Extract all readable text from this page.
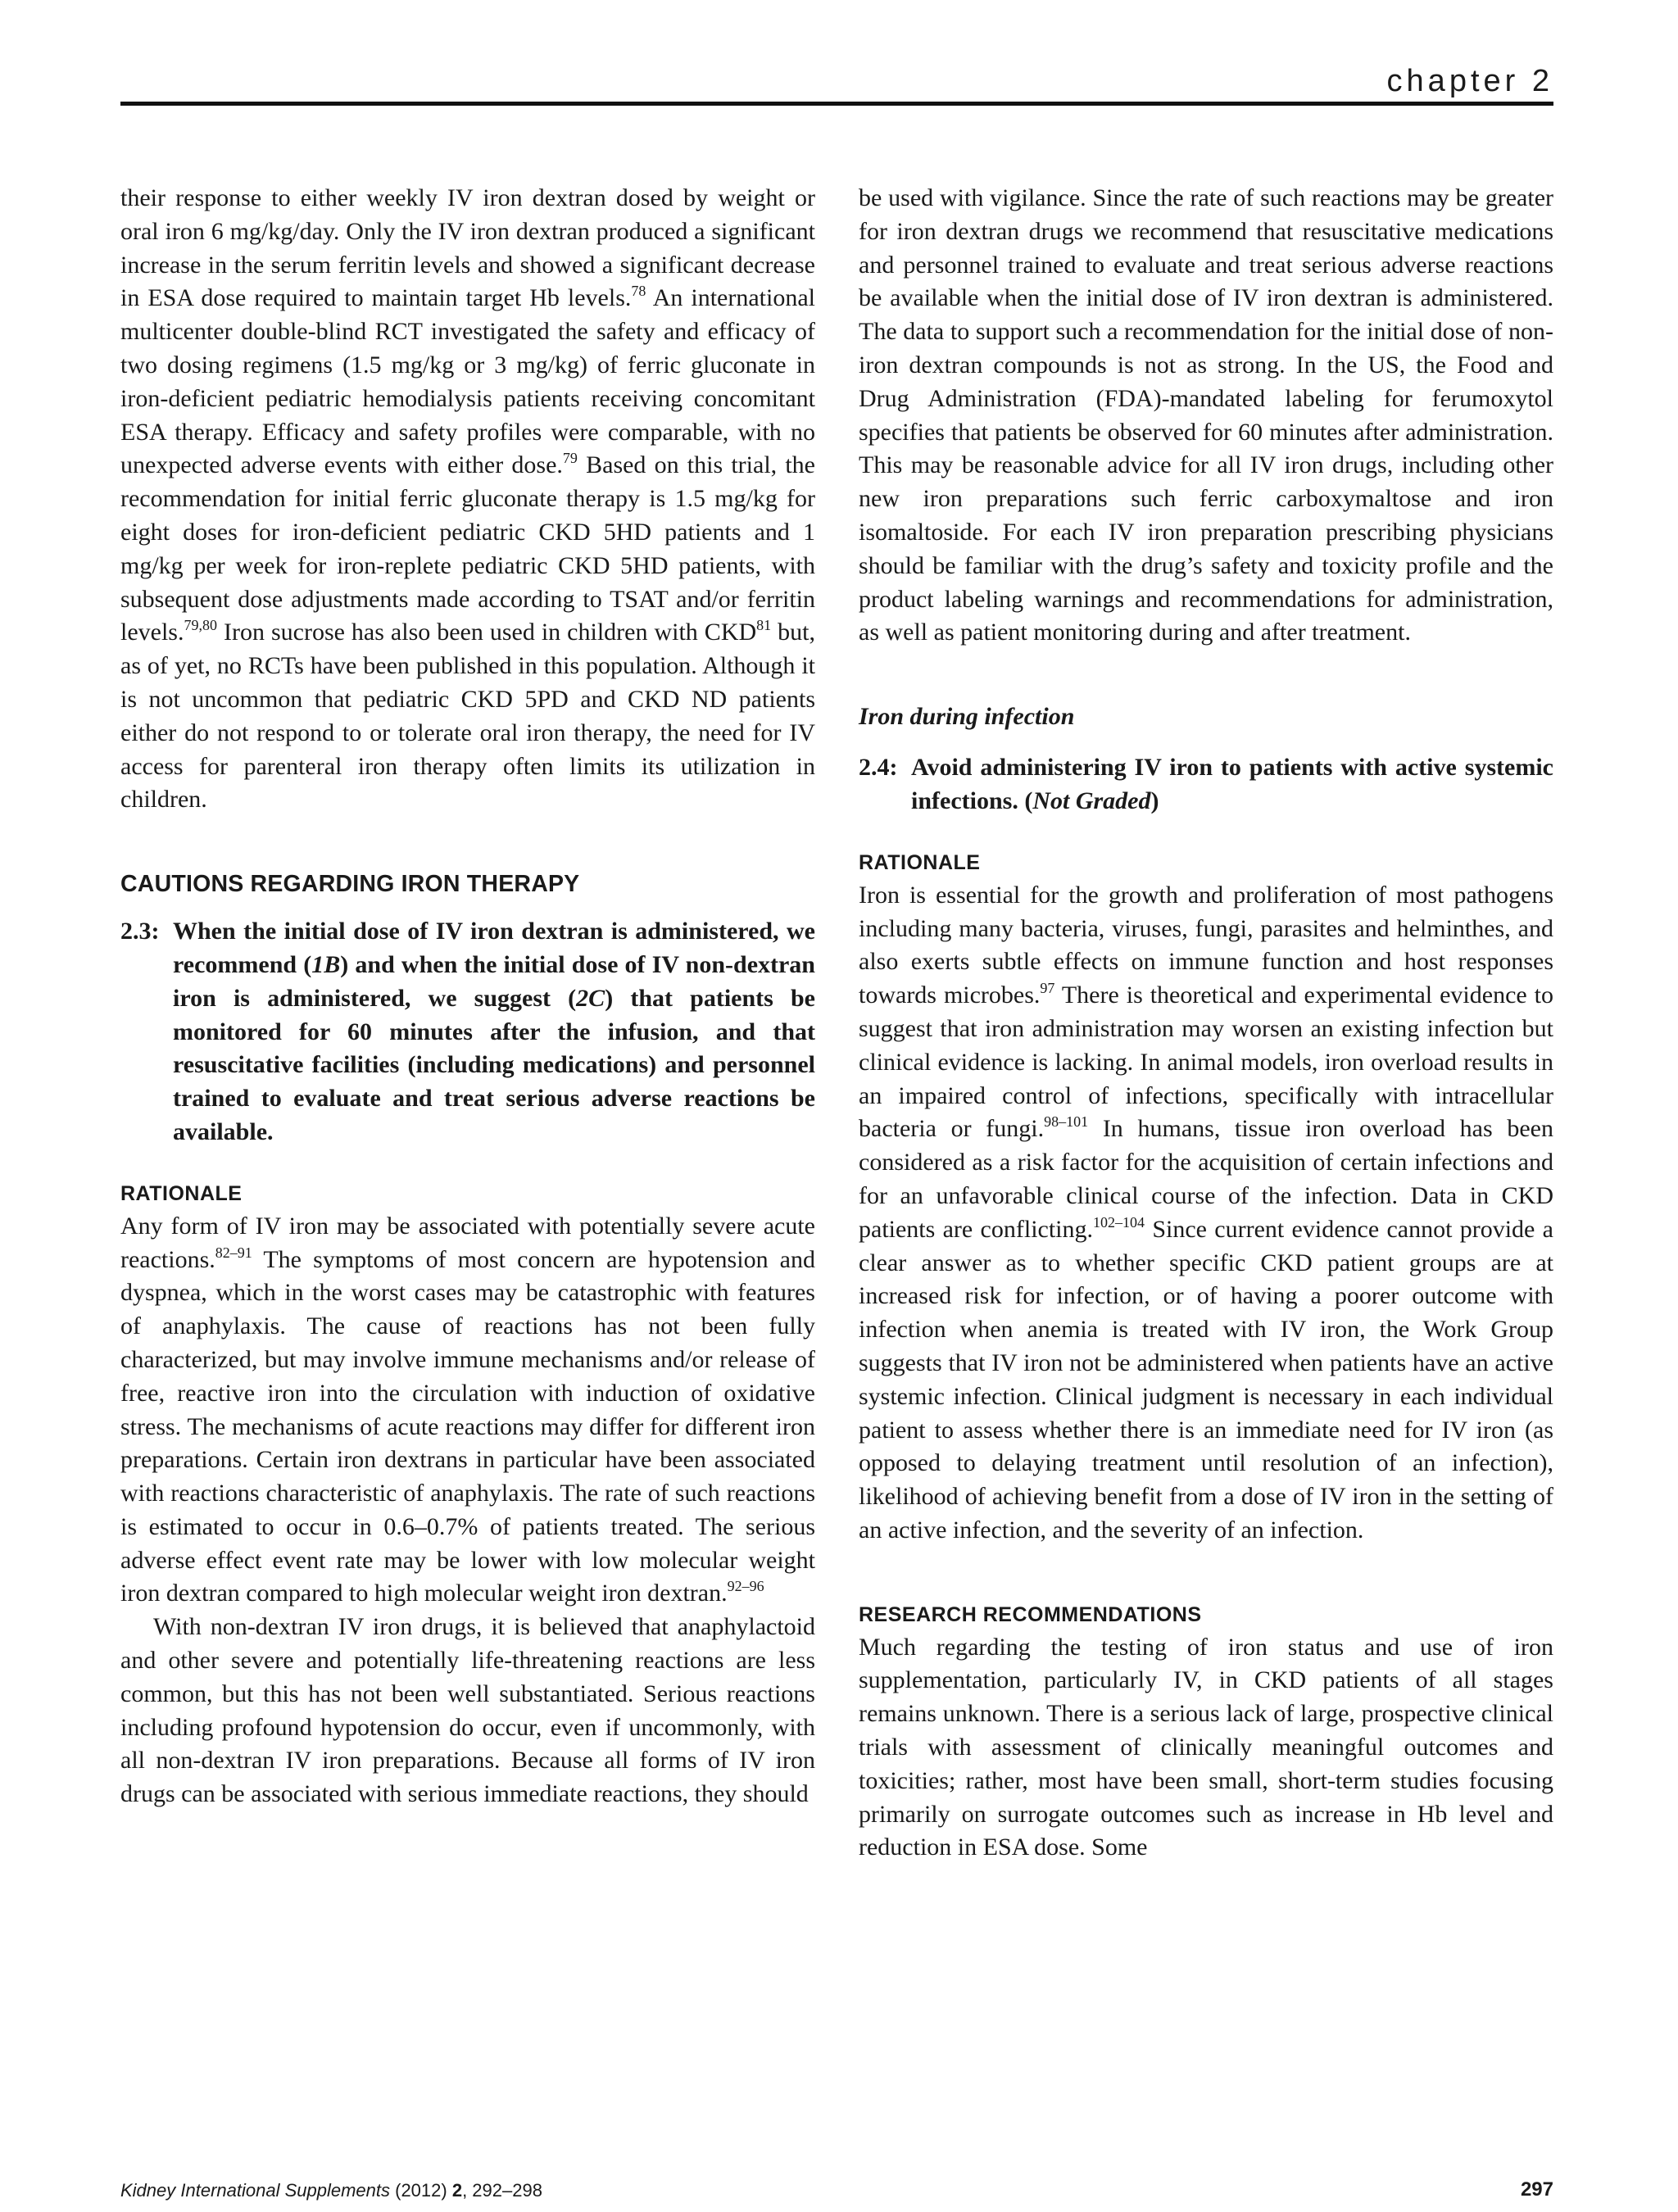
chapter 2

their response to either weekly IV iron dextran dosed by weight or oral iron 6 mg/kg/day. Only the IV iron dextran produced a significant increase in the serum ferritin levels and showed a significant decrease in ESA dose required to maintain target Hb levels.$^{78}$ An international multicenter double-blind RCT investigated the safety and efficacy of two dosing regimens (1.5 mg/kg or 3 mg/kg) of ferric gluconate in iron-deficient pediatric hemodialysis patients receiving concomitant ESA therapy. Efficacy and safety profiles were comparable, with no unexpected adverse events with either dose.$^{79}$ Based on this trial, the recommendation for initial ferric gluconate therapy is 1.5 mg/kg for eight doses for iron-deficient pediatric CKD 5HD patients and 1 mg/kg per week for iron-replete pediatric CKD 5HD patients, with subsequent dose adjustments made according to TSAT and/or ferritin levels.$^{79,80}$ Iron sucrose has also been used in children with CKD$^{81}$ but, as of yet, no RCTs have been published in this population. Although it is not uncommon that pediatric CKD 5PD and CKD ND patients either do not respond to or tolerate oral iron therapy, the need for IV access for parenteral iron therapy often limits its utilization in children.

CAUTIONS REGARDING IRON THERAPY
2.3: When the initial dose of IV iron dextran is administered, we recommend (1B) and when the initial dose of IV non-dextran iron is administered, we suggest (2C) that patients be monitored for 60 minutes after the infusion, and that resuscitative facilities (including medications) and personnel trained to evaluate and treat serious adverse reactions be available.
RATIONALE

Any form of IV iron may be associated with potentially severe acute reactions.$^{82-91}$ The symptoms of most concern are hypotension and dyspnea, which in the worst cases may be catastrophic with features of anaphylaxis. The cause of reactions has not been fully characterized, but may involve immune mechanisms and/or release of free, reactive iron into the circulation with induction of oxidative stress. The mechanisms of acute reactions may differ for different iron preparations. Certain iron dextrans in particular have been associated with reactions characteristic of anaphylaxis. The rate of such reactions is estimated to occur in 0.6–0.7% of patients treated. The serious adverse effect event rate may be lower with low molecular weight iron dextran compared to high molecular weight iron dextran.$^{92-96}$

With non-dextran IV iron drugs, it is believed that anaphylactoid and other severe and potentially life-threatening reactions are less common, but this has not been well substantiated. Serious reactions including profound hypotension do occur, even if uncommonly, with all non-dextran IV iron preparations. Because all forms of IV iron drugs can be associated with serious immediate reactions, they should

be used with vigilance. Since the rate of such reactions may be greater for iron dextran drugs we recommend that resuscitative medications and personnel trained to evaluate and treat serious adverse reactions be available when the initial dose of IV iron dextran is administered. The data to support such a recommendation for the initial dose of non-iron dextran compounds is not as strong. In the US, the Food and Drug Administration (FDA)-mandated labeling for ferumoxytol specifies that patients be observed for 60 minutes after administration. This may be reasonable advice for all IV iron drugs, including other new iron preparations such ferric carboxymaltose and iron isomaltoside. For each IV iron preparation prescribing physicians should be familiar with the drug’s safety and toxicity profile and the product labeling warnings and recommendations for administration, as well as patient monitoring during and after treatment.

Iron during infection
2.4: Avoid administering IV iron to patients with active systemic infections. (Not Graded)
RATIONALE

Iron is essential for the growth and proliferation of most pathogens including many bacteria, viruses, fungi, parasites and helminthes, and also exerts subtle effects on immune function and host responses towards microbes.$^{97}$ There is theoretical and experimental evidence to suggest that iron administration may worsen an existing infection but clinical evidence is lacking. In animal models, iron overload results in an impaired control of infections, specifically with intracellular bacteria or fungi.$^{98-101}$ In humans, tissue iron overload has been considered as a risk factor for the acquisition of certain infections and for an unfavorable clinical course of the infection. Data in CKD patients are conflicting.$^{102-104}$ Since current evidence cannot provide a clear answer as to whether specific CKD patient groups are at increased risk for infection, or of having a poorer outcome with infection when anemia is treated with IV iron, the Work Group suggests that IV iron not be administered when patients have an active systemic infection. Clinical judgment is necessary in each individual patient to assess whether there is an immediate need for IV iron (as opposed to delaying treatment until resolution of an infection), likelihood of achieving benefit from a dose of IV iron in the setting of an active infection, and the severity of an infection.

RESEARCH RECOMMENDATIONS

Much regarding the testing of iron status and use of iron supplementation, particularly IV, in CKD patients of all stages remains unknown. There is a serious lack of large, prospective clinical trials with assessment of clinically meaningful outcomes and toxicities; rather, most have been small, short-term studies focusing primarily on surrogate outcomes such as increase in Hb level and reduction in ESA dose. Some

Kidney International Supplements (2012) 2, 292–298	297
